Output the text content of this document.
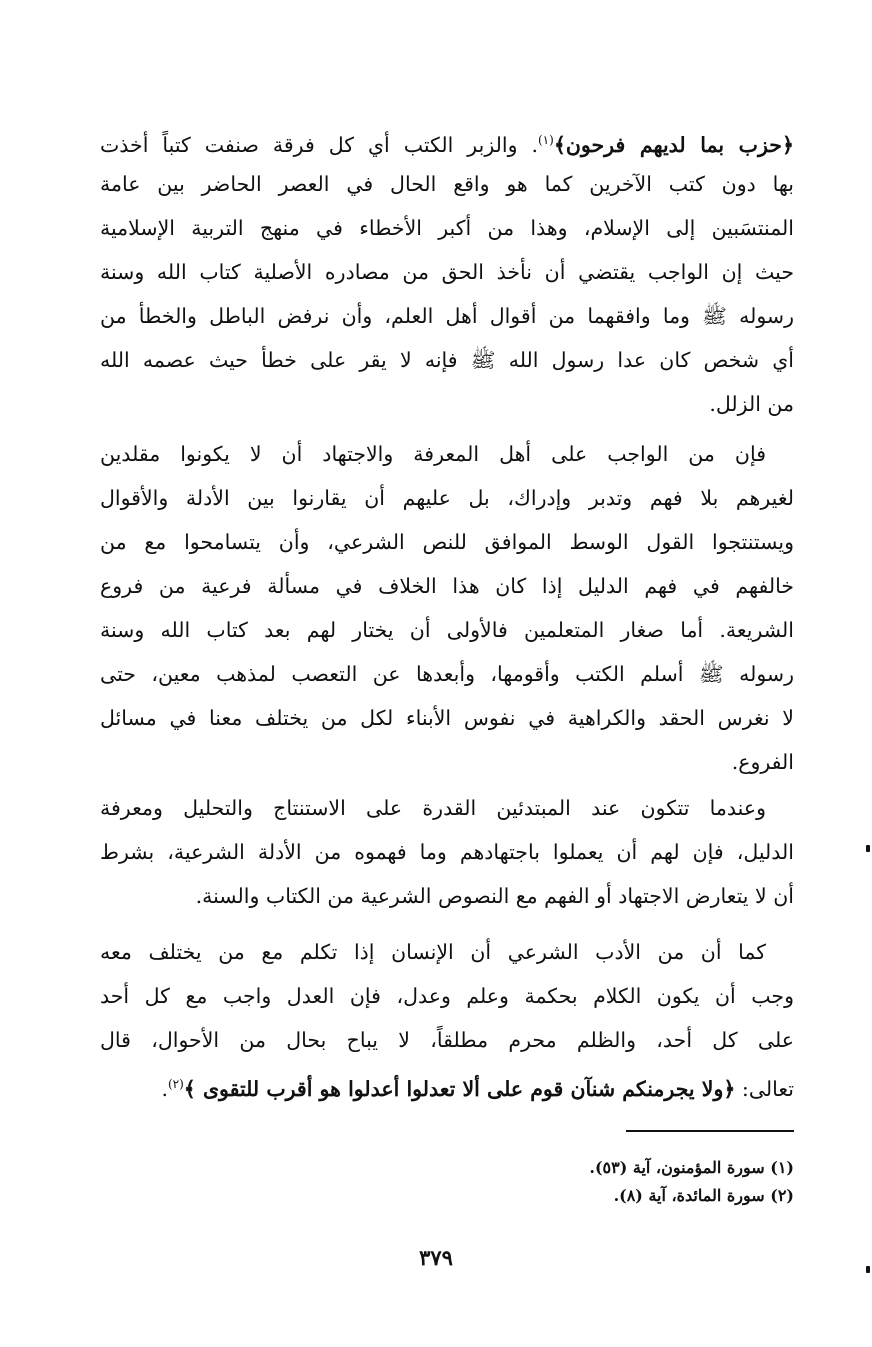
﴿حزب بما لديهم فرحون﴾$^{(١)}$. والزبر الكتب أي كل فرقة صنفت كتباً أخذت
بها دون كتب الآخرين كما هو واقع الحال في العصر الحاضر بين عامة
المنتسَبين إلى الإسلام، وهذا من أكبر الأخطاء في منهج التربية الإسلامية
حيث إن الواجب يقتضي أن نأخذ الحق من مصادره الأصلية كتاب الله وسنة
رسوله ﷺ وما وافقهما من أقوال أهل العلم، وأن نرفض الباطل والخطأ من
أي شخص كان عدا رسول الله ﷺ فإنه لا يقر على خطأ حيث عصمه الله
من الزلل.
فإن من الواجب على أهل المعرفة والاجتهاد أن لا يكونوا مقلدين
لغيرهم بلا فهم وتدبر وإدراك، بل عليهم أن يقارنوا بين الأدلة والأقوال
ويستنتجوا القول الوسط الموافق للنص الشرعي، وأن يتسامحوا مع من
خالفهم في فهم الدليل إذا كان هذا الخلاف في مسألة فرعية من فروع
الشريعة. أما صغار المتعلمين فالأولى أن يختار لهم بعد كتاب الله وسنة
رسوله ﷺ أسلم الكتب وأقومها، وأبعدها عن التعصب لمذهب معين، حتى
لا نغرس الحقد والكراهية في نفوس الأبناء لكل من يختلف معنا في مسائل
الفروع.
وعندما تتكون عند المبتدئين القدرة على الاستنتاج والتحليل ومعرفة
الدليل، فإن لهم أن يعملوا باجتهادهم وما فهموه من الأدلة الشرعية، بشرط
أن لا يتعارض الاجتهاد أو الفهم مع النصوص الشرعية من الكتاب والسنة.
كما أن من الأدب الشرعي أن الإنسان إذا تكلم مع من يختلف معه
وجب أن يكون الكلام بحكمة وعلم وعدل، فإن العدل واجب مع كل أحد
على كل أحد، والظلم محرم مطلقاً، لا يباح بحال من الأحوال، قال
تعالى: ﴿ولا يجرمنكم شنآن قوم على ألا تعدلوا أعدلوا هو أقرب للتقوى ﴾$^{(٢)}$.
(١) سورة المؤمنون، آية (٥٣).
(٢) سورة المائدة، آية (٨).
٣٧٩
